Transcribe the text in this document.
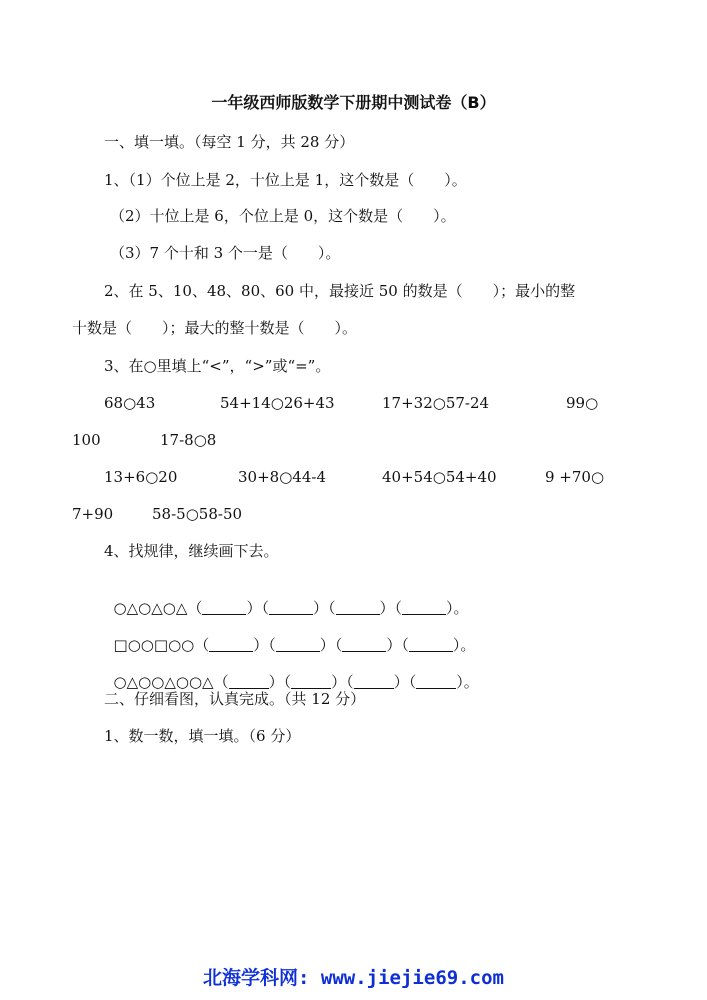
一年级西师版数学下册期中测试卷（B）
一、填一填。（每空 1 分，共 28 分）
1、（1）个位上是 2，十位上是 1，这个数是（　　）。
（2）十位上是 6，个位上是 0，这个数是（　　）。
（3）7 个十和 3 个一是（　　）。
2、在 5、10、48、80、60 中，最接近 50 的数是（　　）；最小的整
十数是（　　）；最大的整十数是（　　）。
3、在○里填上“<”，“>”或“=”。
68○43	54+14○26+43	17+32○57-24	99○
100	17-8○8
13+6○20	30+8○44-4	40+54○54+40	9 +70○
7+90	58-5○58-50
4、找规律，继续画下去。

○△○△○△（	）（	）（	）（	）。

□○○□○○（	）（	）（	）（	）。

○△○○△○○△（	）（	）（	）（	）。

二、仔细看图，认真完成。（共 12 分）
1、数一数，填一填。（6 分）
北海学科网: www.jiejie69.com
